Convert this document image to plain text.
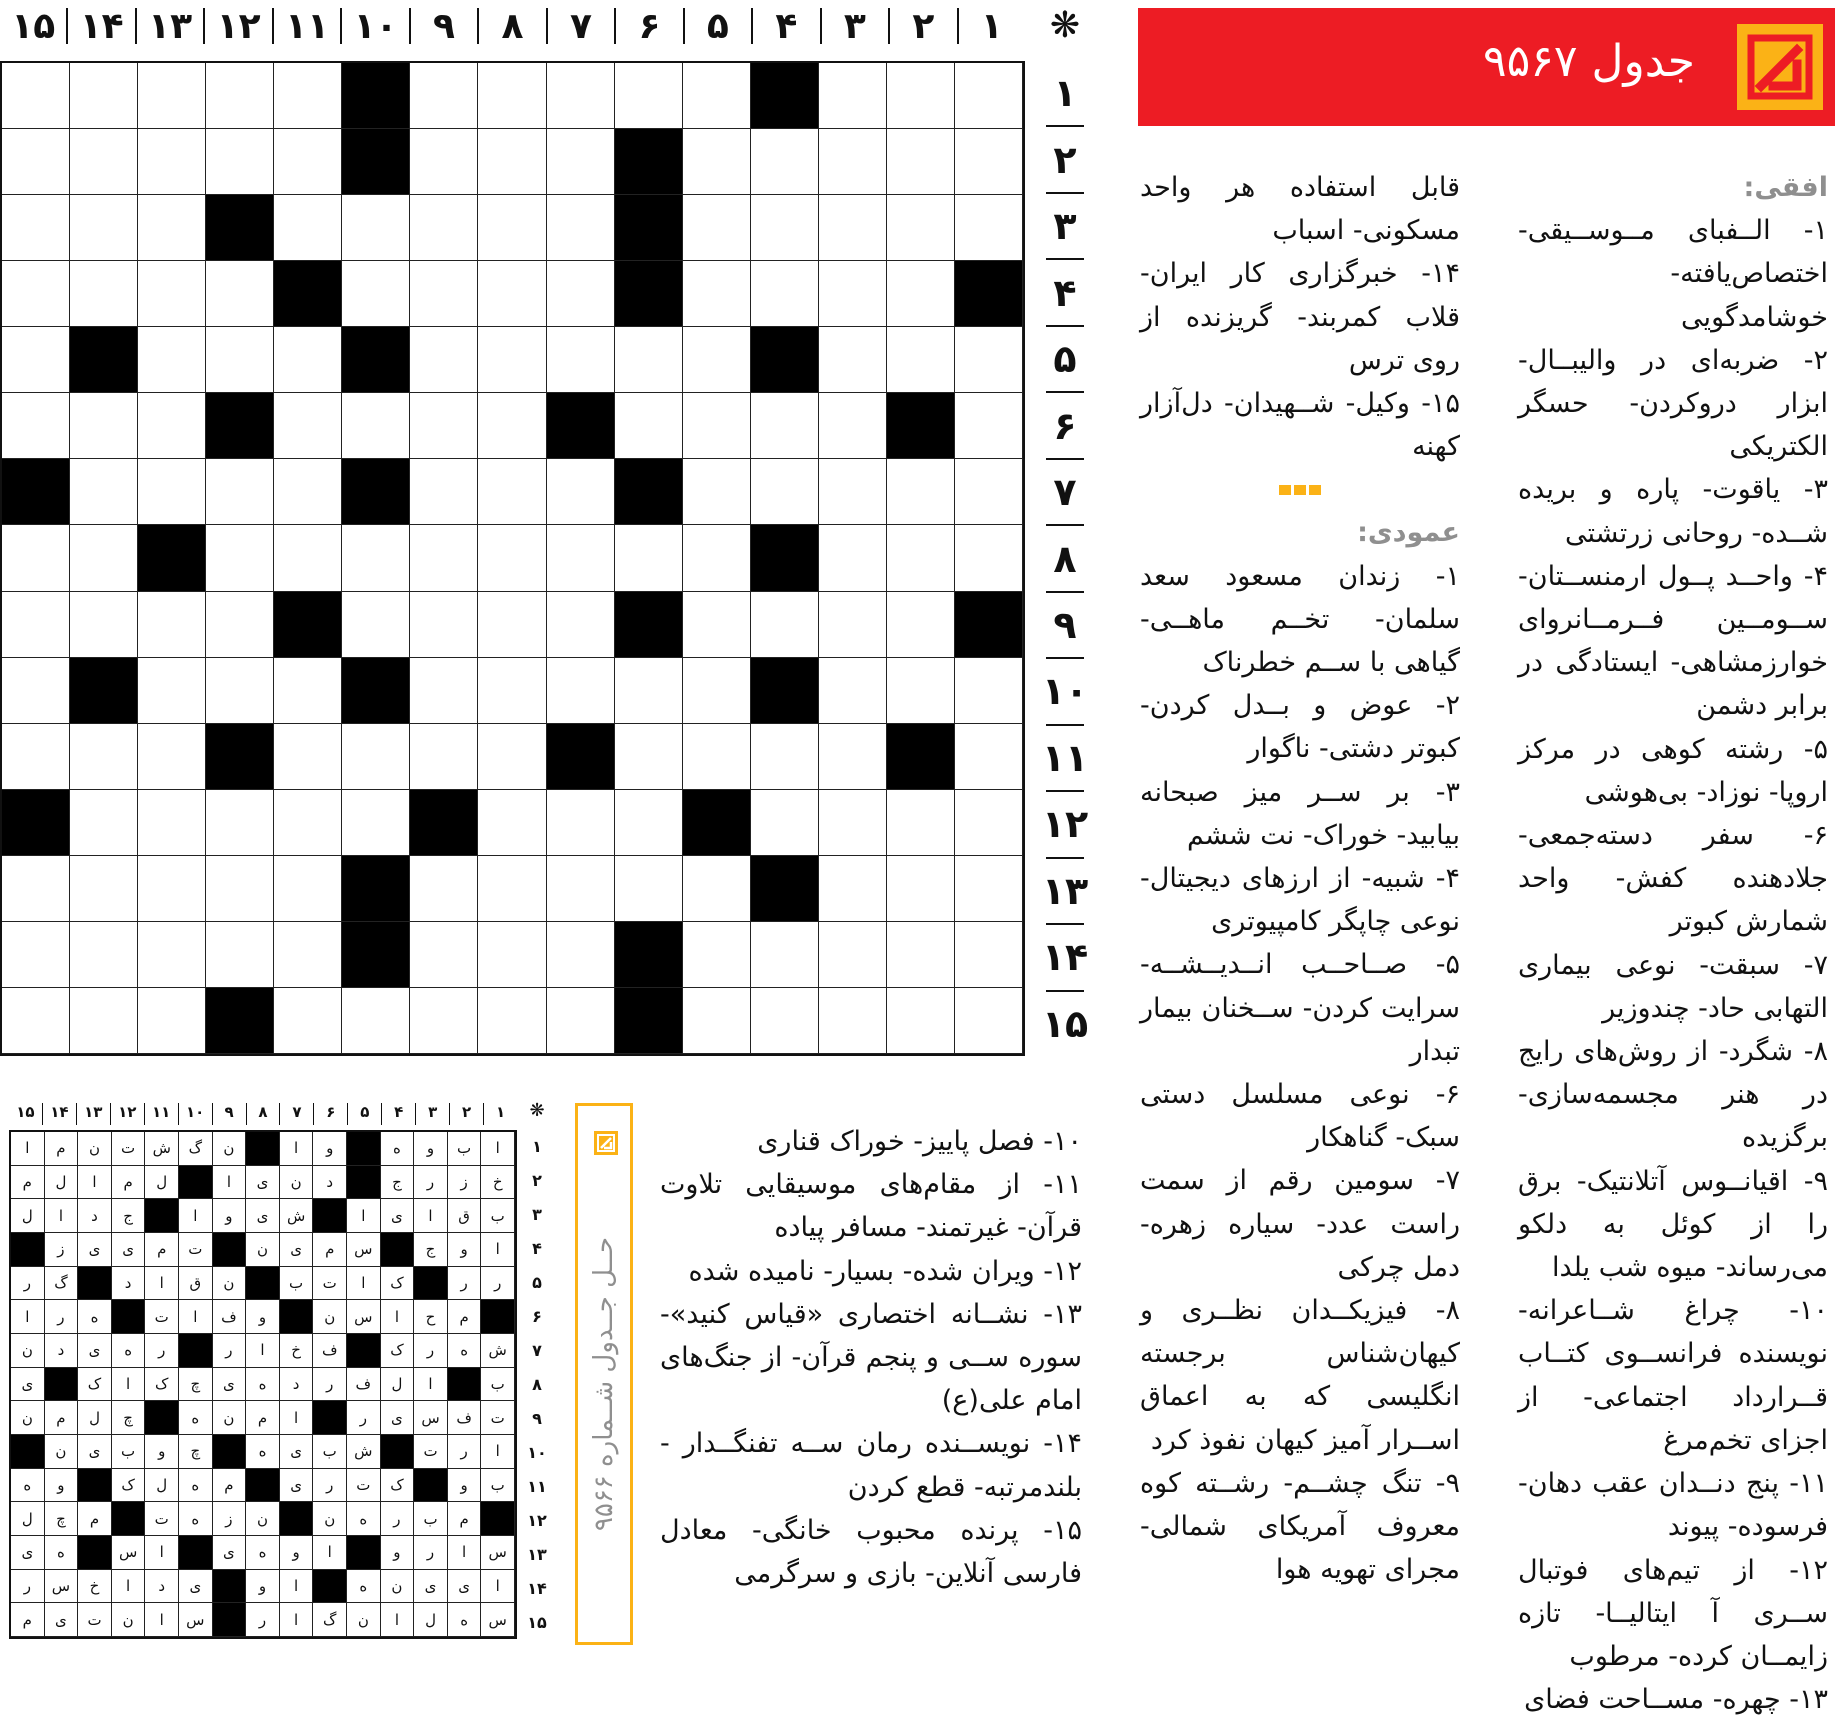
جدول ۹۵۶۷
۱
۲
۳
۴
۵
۶
۷
۸
۹
۱۰
۱۱
۱۲
۱۳
۱۴
۱۵	❋
۱
۲
۳
۴
۵
۶
۷
۸
۹
۱۰
۱۱
۱۲
۱۳
۱۴
۱۵

افقی:

۱- الــفبای مــوســیقی- اختصاص‌یافته- خوشامدگویی

۲- ضربه‌ای در والیبــال- ابزار دروکردن- حسگر الکتریکی

۳- یاقوت- پاره و بریده شــده- روحانی زرتشتی

۴- واحــد پــول ارمنســتان- ســومــین فــرمــانروای خوارزمشاهی- ایستادگی در برابر دشمن

۵- رشته کوهی در مرکز اروپا- نوزاد- بی‌هوشی

۶- سفر دسته‌جمعی- جلادهنده کفش- واحد شمارش کبوتر

۷- سبقت- نوعی بیماری التهابی حاد- چندوزیر

۸- شگرد- از روش‌های رایج در هنر مجسمه‌سازی- برگزیده

۹- اقیانــوس آتلانتیک- برق را از کوئل به دلکو می‌رساند- میوه شب یلدا

۱۰- چراغ شــاعرانه- نویسنده فرانســوی کتــاب قــرارداد اجتماعی- از اجزای تخم‌مرغ

۱۱- پنج دنــدان عقب دهان- فرسوده- پیوند

۱۲- از تیم‌های فوتبال ســری آ ایتالیــا- تازه زایمــان کرده- مرطوب

۱۳- چهره- مســاحت فضای

قابل استفاده هر واحد مسکونی- اسباب

۱۴- خبرگزاری کار ایران- قلاب کمربند- گریزنده از روی ترس

۱۵- وکیل- شــهیدان- دل‌آزار کهنه

عمودی:

۱- زندان مسعود سعد سلمان- تخــم ماهــی- گیاهی با ســم خطرناک

۲- عوض و بــدل کردن- کبوتر دشتی- ناگوار

۳- بر ســر میز صبحانه بیابید- خوراک- نت ششم

۴- شبیه- از ارزهای دیجیتال- نوعی چاپگر کامپیوتری

۵- صــاحــب انــدیــشــه- سرایت کردن- ســخنان بیمار تبدار

۶- نوعی مسلسل دستی سبک- گناهکار

۷- سومین رقم از سمت راست عدد- سیاره زهره- دمل چرکی

۸- فیزیکــدان نظــری و کیهان‌شناس برجسته انگلیسی که به اعماق اســرار آمیز کیهان نفوذ کرد

۹- تنگ چشــم- رشــته کوه معروف آمریکای شمالی- مجرای تهویه هوا

۱۰- فصل پاییز- خوراک قناری

۱۱- از مقام‌های موسیقایی تلاوت قرآن- غیرتمند- مسافر پیاده

۱۲- ویران شده- بسیار- نامیده شده

۱۳- نشــانه اختصاری «قیاس کنید»- سوره ســی و پنجم قرآن- از جنگ‌های امام علی(ع)

۱۴- نویســنده رمان ســه تفنگــدار - بلندمرتبه- قطع کردن

۱۵- پرنده محبوب خانگی- معادل فارسی آنلاین- بازی و سرگرمی

حــل جــدول شــماره ۹۵۶۶
۱
۲
۳
۴
۵
۶
۷
۸
۹
۱۰
۱۱
۱۲
۱۳
۱۴
۱۵	❋
۱
۲
۳
۴
۵
۶
۷
۸
۹
۱۰
۱۱
۱۲
۱۳
۱۴
۱۵
ا
ب
و
ه
و
ا
ن
گ
ش
ت
ن
م
ا
خ
ز
ر
ج
د
ن
ی
ا
ل
م
ا
ل
م
ب
ق
ا
ی
ا
ش
ی
و
ا
ج
د
ا
ل
ا
و
ج
س
م
ی
ن
ت
م
ی
ی
ز
ر
ر
ک
ا
ت
ب
ن
ق
ا
د
گ
ر
م
ح
ا
س
ن
و
ف
ا
ت
ه
ر
ا
ش
ه
ر
ک
ف
خ
ا
ر
ر
ه
ی
د
ن
ب
ا
ل
ف
ر
د
ه
ی
چ
ک
ا
ک
ی
ت
ف
س
ی
ر
ا
م
ن
ه
چ
ل
م
ن
ا
ر
ت
ش
ب
ی
ه
چ
و
ب
ی
ن
ب
و
ک
ت
ر
ی
م
ه
ل
ک
و
ه
م
ب
ر
ه
ن
ن
ز
ه
ت
م
چ
ل
س
ا
ر
و
ا
و
ه
ی
ا
س
ه
ی
ا
ی
ی
ن
ه
ا
و
ی
د
ا
خ
س
ر
س
ه
ل
ا
ن
گ
ا
ر
س
ا
ن
ت
ی
م
